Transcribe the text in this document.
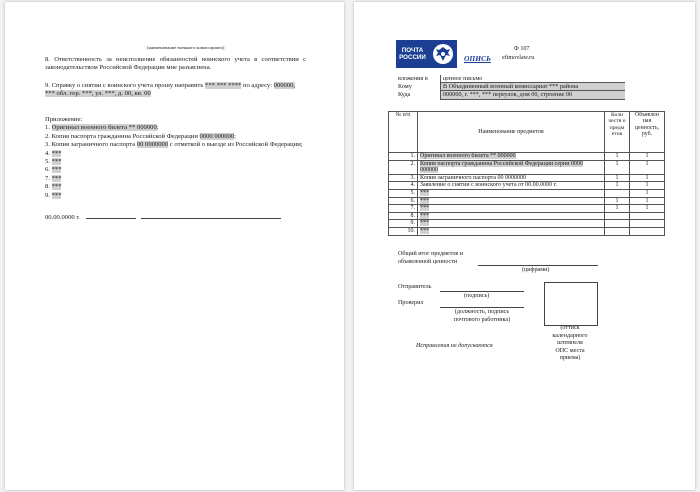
(наименование военного комиссариата)
8. Ответственность за неисполнение обязанностей воинского учета в соответствии с законодательством Российской Федерации мне разъяснена.
9. Справку о снятии с воинского учета прошу направить *** *** **** по адресу: 000000,
*** обл. гор. ***, ул. ***, д. 00, кв. 00
Приложение:
1. Оригинал военного билета ** 000000;
2. Копия паспорта гражданина Российской Федерации 0000 000000;
3. Копия заграничного паспорта 00 0000000 с отметкой о выезде из Российской Федерации;
4. ***
5. ***
6. ***
7. ***
8. ***
9. ***
00.00.0000 г.
ПОЧТА
РОССИИ	ОПИСЬ
Ф 107
efimovlaw.ru
вложения в	ценное письмо
Кому	В Объединенный военный комиссариат *** района
Куда	000000, г. ***, *** переулок, дом 00, строение 00
№ п/п	Наименование предметов	Коли честв о предм етов	Объявлен ная ценность, руб.
1.	Оригинал военного билета ** 000000	1	1
2.	Копия паспорта гражданина Российской Федерации серии 0000 000000	1	1
3.	Копия заграничного паспорта 00 0000000	1	1
4.	Заявление о снятии с воинского учета от 00.00.0000 г.	1	1
5.	***		1
6.	***	1	1
7.	***	1	1
8.	***		
9.	***		
10.	***		
Общий итог предметов и
объявленной ценности
(цифрами)
Отправитель
(подпись)
Проверил
(должность, подпись
почтового работника)
Исправления не допускаются
(оттиск
календарного
штемпеля
ОПС места
приема)
